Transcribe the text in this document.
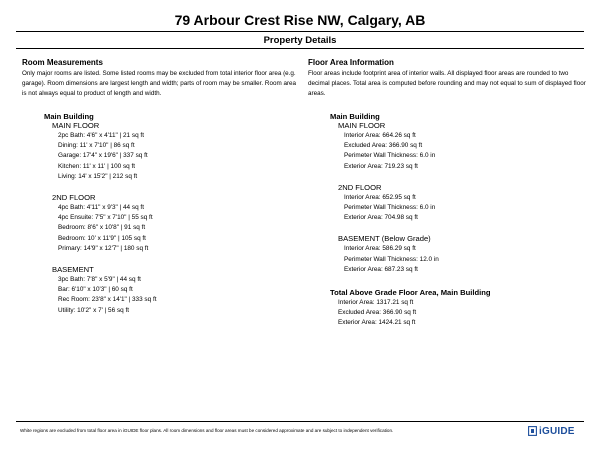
79 Arbour Crest Rise NW, Calgary, AB
Property Details

Room Measurements

Only major rooms are listed. Some listed rooms may be excluded from total interior floor area (e.g. garage). Room dimensions are largest length and width; parts of room may be smaller. Room area is not always equal to product of length and width.

Main Building

MAIN FLOOR

2pc Bath: 4'6" x 4'11" | 21 sq ft

Dining: 11' x 7'10" | 86 sq ft

Garage: 17'4" x 19'6" | 337 sq ft

Kitchen: 11' x 11' | 100 sq ft

Living: 14' x 15'2" | 212 sq ft

2ND FLOOR

4pc Bath: 4'11" x 9'3" | 44 sq ft

4pc Ensuite: 7'5" x 7'10" | 55 sq ft

Bedroom: 8'6" x 10'8" | 91 sq ft

Bedroom: 10' x 11'9" | 105 sq ft

Primary: 14'9" x 12'7" | 180 sq ft

BASEMENT

3pc Bath: 7'8" x 5'9" | 44 sq ft

Bar: 6'10" x 10'3" | 60 sq ft

Rec Room: 23'8" x 14'1" | 333 sq ft

Utility: 10'2" x 7' | 56 sq ft

Floor Area Information

Floor areas include footprint area of interior walls. All displayed floor areas are rounded to two decimal places. Total area is computed before rounding and may not equal to sum of displayed floor areas.

Main Building

MAIN FLOOR

Interior Area: 664.26 sq ft

Excluded Area: 366.90 sq ft

Perimeter Wall Thickness: 6.0 in

Exterior Area: 719.23 sq ft

2ND FLOOR

Interior Area: 652.95 sq ft

Perimeter Wall Thickness: 6.0 in

Exterior Area: 704.98 sq ft

BASEMENT (Below Grade)

Interior Area: 586.29 sq ft

Perimeter Wall Thickness: 12.0 in

Exterior Area: 687.23 sq ft

Total Above Grade Floor Area, Main Building

Interior Area: 1317.21 sq ft

Excluded Area: 366.90 sq ft

Exterior Area: 1424.21 sq ft

White regions are excluded from total floor area in iGUIDE floor plans. All room dimensions and floor areas must be considered approximate and are subject to independent verification.	iGUIDE
